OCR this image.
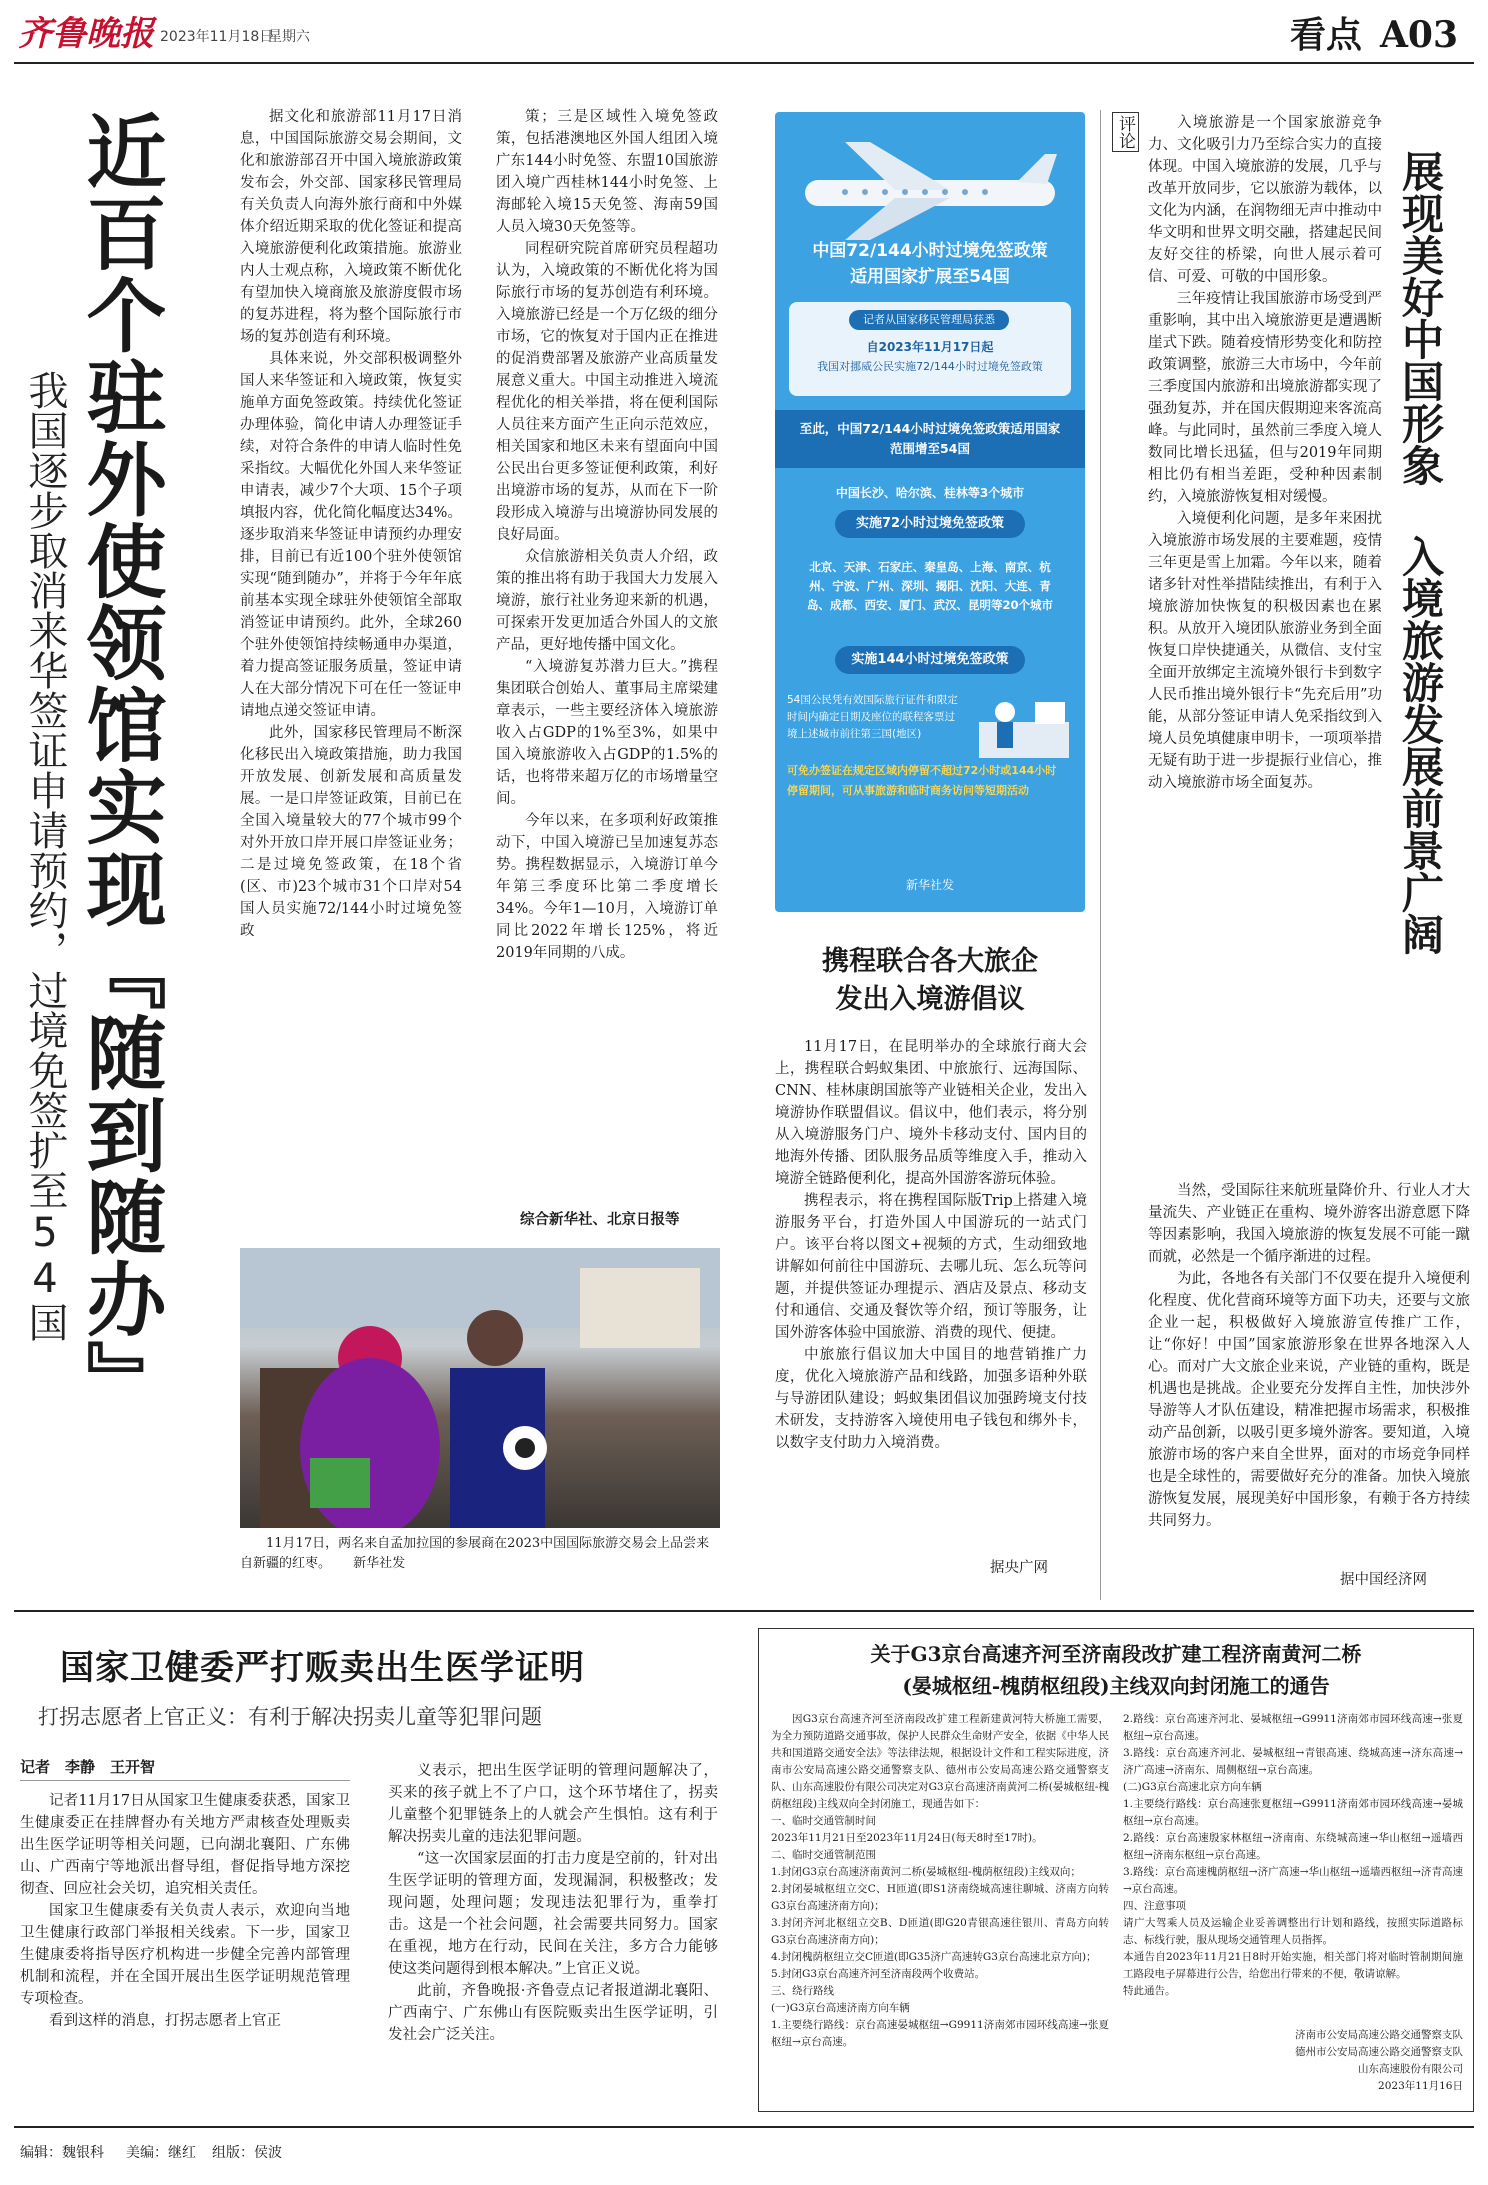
齐鲁晚报 2023年11月18日
星期六	看点 A03
近百个驻外使领馆实现『随到随办』
我国逐步取消来华签证申请预约，过境免签扩至54国

据文化和旅游部11月17日消息，中国国际旅游交易会期间，文化和旅游部召开中国入境旅游政策发布会，外交部、国家移民管理局有关负责人向海外旅行商和中外媒体介绍近期采取的优化签证和提高入境旅游便利化政策措施。旅游业内人士观点称，入境政策不断优化有望加快入境商旅及旅游度假市场的复苏进程，将为整个国际旅行市场的复苏创造有利环境。

具体来说，外交部积极调整外国人来华签证和入境政策，恢复实施单方面免签政策。持续优化签证办理体验，简化申请人办理签证手续，对符合条件的申请人临时性免采指纹。大幅优化外国人来华签证申请表，减少7个大项、15个子项填报内容，优化简化幅度达34%。逐步取消来华签证申请预约办理安排，目前已有近100个驻外使领馆实现“随到随办”，并将于今年年底前基本实现全球驻外使领馆全部取消签证申请预约。此外，全球260个驻外使领馆持续畅通申办渠道，着力提高签证服务质量，签证申请人在大部分情况下可在任一签证申请地点递交签证申请。

此外，国家移民管理局不断深化移民出入境政策措施，助力我国开放发展、创新发展和高质量发展。一是口岸签证政策，目前已在全国入境量较大的77个城市99个对外开放口岸开展口岸签证业务；二是过境免签政策，在18个省(区、市)23个城市31个口岸对54国人员实施72/144小时过境免签政

策；三是区域性入境免签政策，包括港澳地区外国人组团入境广东144小时免签、东盟10国旅游团入境广西桂林144小时免签、上海邮轮入境15天免签、海南59国人员入境30天免签等。

同程研究院首席研究员程超功认为，入境政策的不断优化将为国际旅行市场的复苏创造有利环境。入境旅游已经是一个万亿级的细分市场，它的恢复对于国内正在推进的促消费部署及旅游产业高质量发展意义重大。中国主动推进入境流程优化的相关举措，将在便利国际人员往来方面产生正向示范效应，相关国家和地区未来有望面向中国公民出台更多签证便利政策，利好出境游市场的复苏，从而在下一阶段形成入境游与出境游协同发展的良好局面。

众信旅游相关负责人介绍，政策的推出将有助于我国大力发展入境游，旅行社业务迎来新的机遇，可探索开发更加适合外国人的文旅产品，更好地传播中国文化。

“入境游复苏潜力巨大。”携程集团联合创始人、董事局主席梁建章表示，一些主要经济体入境旅游收入占GDP的1%至3%，如果中国入境旅游收入占GDP的1.5%的话，也将带来超万亿的市场增量空间。

今年以来，在多项利好政策推动下，中国入境游已呈加速复苏态势。携程数据显示，入境游订单今年第三季度环比第二季度增长34%。今年1—10月，入境游订单同比2022年增长125%，将近2019年同期的八成。

综合新华社、北京日报等
11月17日，两名来自孟加拉国的参展商在2023中国国际旅游交易会上品尝来自新疆的红枣。 新华社发
中国72/144小时过境免签政策
适用国家扩展至54国
记者从国家移民管理局获悉
自2023年11月17日起
我国对挪威公民实施72/144小时过境免签政策
至此，中国72/144小时过境免签政策适用国家范围增至54国
中国长沙、哈尔滨、桂林等3个城市
实施72小时过境免签政策
北京、天津、石家庄、秦皇岛、上海、南京、杭州、宁波、广州、深圳、揭阳、沈阳、大连、青岛、成都、西安、厦门、武汉、昆明等20个城市
实施144小时过境免签政策
54国公民凭有效国际旅行证件和限定时间内确定日期及座位的联程客票过境上述城市前往第三国(地区)
可免办签证在规定区域内停留不超过72小时或144小时
停留期间，可从事旅游和临时商务访问等短期活动
新华社发
携程联合各大旅企
发出入境游倡议

11月17日，在昆明举办的全球旅行商大会上，携程联合蚂蚁集团、中旅旅行、远海国际、CNN、桂林康朗国旅等产业链相关企业，发出入境游协作联盟倡议。倡议中，他们表示，将分别从入境游服务门户、境外卡移动支付、国内目的地海外传播、团队服务品质等维度入手，推动入境游全链路便利化，提高外国游客游玩体验。

携程表示，将在携程国际版Trip上搭建入境游服务平台，打造外国人中国游玩的一站式门户。该平台将以图文+视频的方式，生动细致地讲解如何前往中国游玩、去哪儿玩、怎么玩等问题，并提供签证办理提示、酒店及景点、移动支付和通信、交通及餐饮等介绍，预订等服务，让国外游客体验中国旅游、消费的现代、便捷。

中旅旅行倡议加大中国目的地营销推广力度，优化入境旅游产品和线路，加强多语种外联与导游团队建设；蚂蚁集团倡议加强跨境支付技术研发，支持游客入境使用电子钱包和绑外卡，以数字支付助力入境消费。

据央广网
评论
展现美好中国形象 入境旅游发展前景广阔

入境旅游是一个国家旅游竞争力、文化吸引力乃至综合实力的直接体现。中国入境旅游的发展，几乎与改革开放同步，它以旅游为载体，以文化为内涵，在润物细无声中推动中华文明和世界文明交融，搭建起民间友好交往的桥梁，向世人展示着可信、可爱、可敬的中国形象。

三年疫情让我国旅游市场受到严重影响，其中出入境旅游更是遭遇断崖式下跌。随着疫情形势变化和防控政策调整，旅游三大市场中，今年前三季度国内旅游和出境旅游都实现了强劲复苏，并在国庆假期迎来客流高峰。与此同时，虽然前三季度入境人数同比增长迅猛，但与2019年同期相比仍有相当差距，受种种因素制约，入境旅游恢复相对缓慢。

入境便利化问题，是多年来困扰入境旅游市场发展的主要难题，疫情三年更是雪上加霜。今年以来，随着诸多针对性举措陆续推出，有利于入境旅游加快恢复的积极因素也在累积。从放开入境团队旅游业务到全面恢复口岸快捷通关，从微信、支付宝全面开放绑定主流境外银行卡到数字人民币推出境外银行卡“先充后用”功能，从部分签证申请人免采指纹到入境人员免填健康申明卡，一项项举措无疑有助于进一步提振行业信心，推动入境旅游市场全面复苏。

当然，受国际往来航班量降价升、行业人才大量流失、产业链正在重构、境外游客出游意愿下降等因素影响，我国入境旅游的恢复发展不可能一蹴而就，必然是一个循序渐进的过程。

为此，各地各有关部门不仅要在提升入境便利化程度、优化营商环境等方面下功夫，还要与文旅企业一起，积极做好入境旅游宣传推广工作，让“你好！中国”国家旅游形象在世界各地深入人心。而对广大文旅企业来说，产业链的重构，既是机遇也是挑战。企业要充分发挥自主性，加快涉外导游等人才队伍建设，精准把握市场需求，积极推动产品创新，以吸引更多境外游客。要知道，入境旅游市场的客户来自全世界，面对的市场竞争同样也是全球性的，需要做好充分的准备。加快入境旅游恢复发展，展现美好中国形象，有赖于各方持续共同努力。

据中国经济网
国家卫健委严打贩卖出生医学证明
打拐志愿者上官正义：有利于解决拐卖儿童等犯罪问题
记者　李静　王开智

记者11月17日从国家卫生健康委获悉，国家卫生健康委正在挂牌督办有关地方严肃核查处理贩卖出生医学证明等相关问题，已向湖北襄阳、广东佛山、广西南宁等地派出督导组，督促指导地方深挖彻查、回应社会关切，追究相关责任。

国家卫生健康委有关负责人表示，欢迎向当地卫生健康行政部门举报相关线索。下一步，国家卫生健康委将指导医疗机构进一步健全完善内部管理机制和流程，并在全国开展出生医学证明规范管理专项检查。

看到这样的消息，打拐志愿者上官正

义表示，把出生医学证明的管理问题解决了，买来的孩子就上不了户口，这个环节堵住了，拐卖儿童整个犯罪链条上的人就会产生惧怕。这有利于解决拐卖儿童的违法犯罪问题。

“这一次国家层面的打击力度是空前的，针对出生医学证明的管理方面，发现漏洞，积极整改；发现问题，处理问题；发现违法犯罪行为，重拳打击。这是一个社会问题，社会需要共同努力。国家在重视，地方在行动，民间在关注，多方合力能够使这类问题得到根本解决。”上官正义说。

此前，齐鲁晚报·齐鲁壹点记者报道湖北襄阳、广西南宁、广东佛山有医院贩卖出生医学证明，引发社会广泛关注。

关于G3京台高速齐河至济南段改扩建工程济南黄河二桥
(晏城枢纽-槐荫枢纽段)主线双向封闭施工的通告
因G3京台高速齐河至济南段改扩建工程新建黄河特大桥施工需要，为全力预防道路交通事故，保护人民群众生命财产安全，依据《中华人民共和国道路交通安全法》等法律法规，根据设计文件和工程实际进度，济南市公安局高速公路交通警察支队、德州市公安局高速公路交通警察支队、山东高速股份有限公司决定对G3京台高速济南黄河二桥(晏城枢纽-槐荫枢纽段)主线双向全封闭施工，现通告如下：
一、临时交通管制时间
2023年11月21日至2023年11月24日(每天8时至17时)。
二、临时交通管制范围
1.封闭G3京台高速济南黄河二桥(晏城枢纽-槐荫枢纽段)主线双向；
2.封闭晏城枢纽立交C、H匝道(即S1济南绕城高速往聊城、济南方向转G3京台高速济南方向)；
3.封闭齐河北枢纽立交B、D匝道(即G20青银高速往银川、青岛方向转G3京台高速济南方向)；
4.封闭槐荫枢纽立交C匝道(即G35济广高速转G3京台高速北京方向)；
5.封闭G3京台高速齐河至济南段两个收费站。
三、绕行路线
(一)G3京台高速济南方向车辆
1.主要绕行路线：京台高速晏城枢纽→G9911济南郊市园环线高速→张夏枢纽→京台高速。
2.路线：京台高速齐河北、晏城枢纽→G9911济南郊市园环线高速→张夏枢纽→京台高速。
3.路线：京台高速齐河北、晏城枢纽→青银高速、绕城高速→济东高速→济广高速→济南东、周侧枢纽→京台高速。
(二)G3京台高速北京方向车辆
1.主要绕行路线：京台高速张夏枢纽→G9911济南郊市园环线高速→晏城枢纽→京台高速。
2.路线：京台高速殷家林枢纽→济南南、东绕城高速→华山枢纽→遥墙西枢纽→济南东枢纽→京台高速。
3.路线：京台高速槐荫枢纽→济广高速→华山枢纽→遥墙西枢纽→济青高速→京台高速。
四、注意事项
请广大驾乘人员及运输企业妥善调整出行计划和路线，按照实际道路标志、标线行驶，服从现场交通管理人员指挥。
本通告自2023年11月21日8时开始实施，相关部门将对临时管制期间施工路段电子屏幕进行公告，给您出行带来的不便，敬请谅解。
特此通告。
济南市公安局高速公路交通警察支队
德州市公安局高速公路交通警察支队
山东高速股份有限公司
2023年11月16日
编辑：魏银科 美编：继红 组版：侯波
